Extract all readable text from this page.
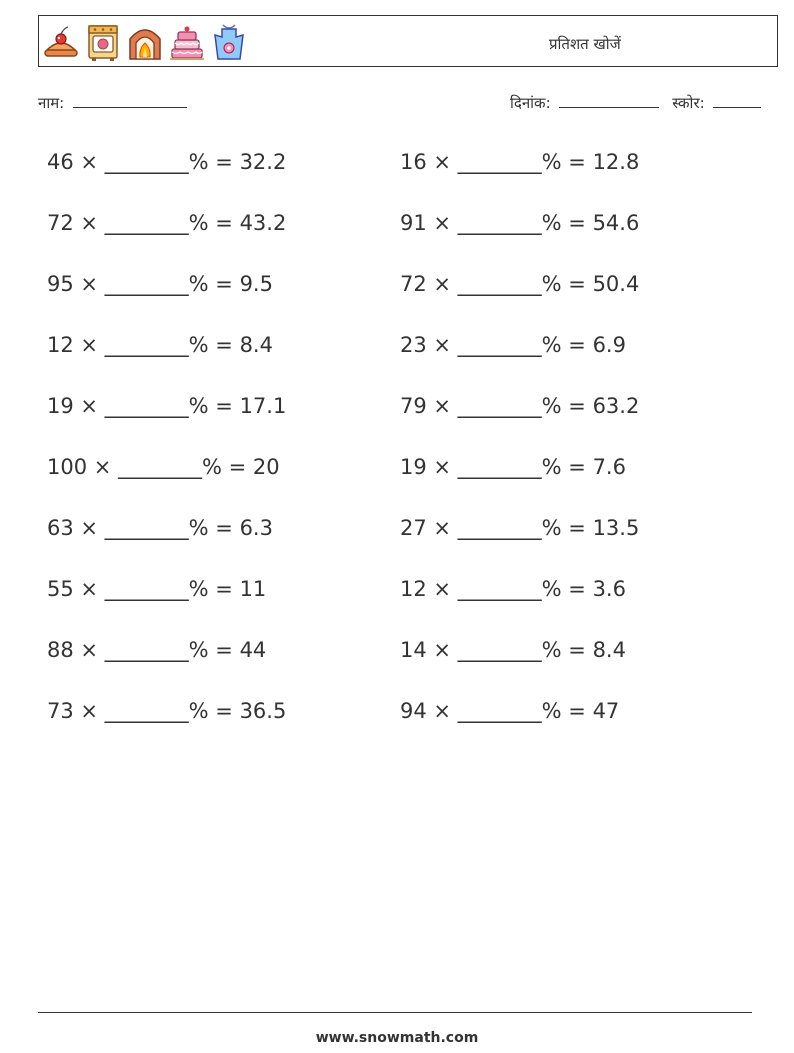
प्रतिशत खोजें
नाम:	दिनांक:	स्कोर:
46 × ________% = 32.2
72 × ________% = 43.2
95 × ________% = 9.5
12 × ________% = 8.4
19 × ________% = 17.1
100 × ________% = 20
63 × ________% = 6.3
55 × ________% = 11
88 × ________% = 44
73 × ________% = 36.5
16 × ________% = 12.8
91 × ________% = 54.6
72 × ________% = 50.4
23 × ________% = 6.9
79 × ________% = 63.2
19 × ________% = 7.6
27 × ________% = 13.5
12 × ________% = 3.6
14 × ________% = 8.4
94 × ________% = 47
www.snowmath.com
